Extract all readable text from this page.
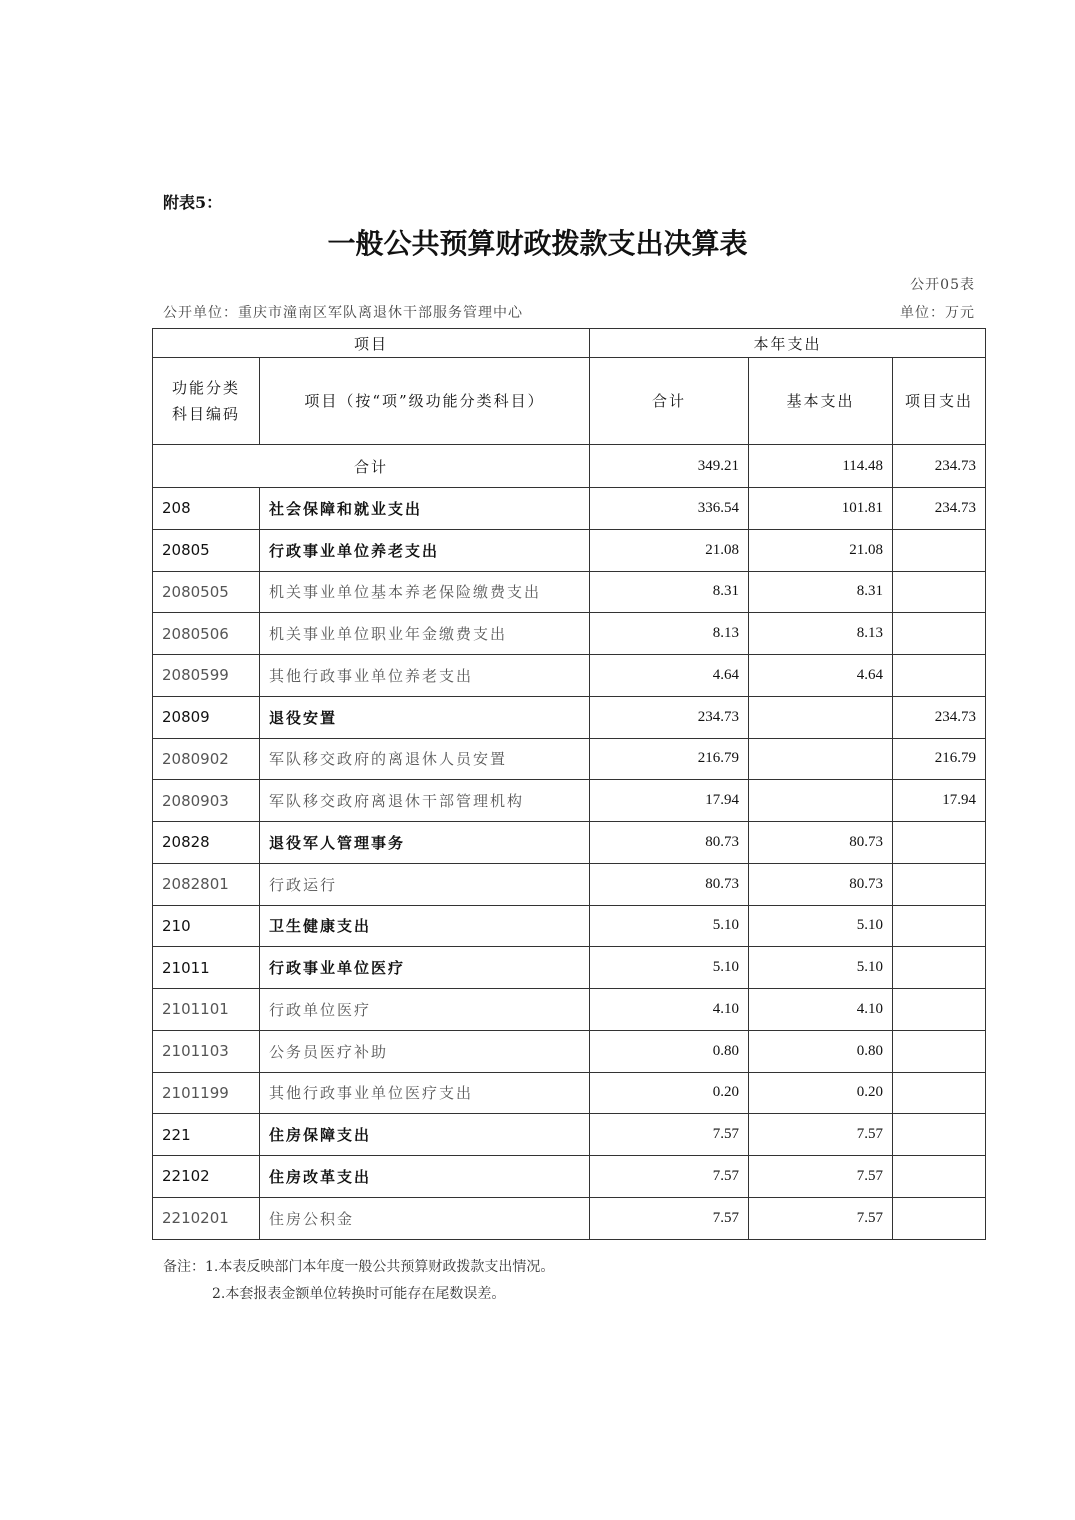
附表5：
一般公共预算财政拨款支出决算表
公开05表
公开单位：重庆市潼南区军队离退休干部服务管理中心	单位：万元
项目		本年支出		
功能分类
科目编码	项目（按“项”级功能分类科目）	合计	基本支出	项目支出
合计		349.21	114.48	234.73
208	社会保障和就业支出	336.54	101.81	234.73
20805	行政事业单位养老支出	21.08	21.08	
2080505	机关事业单位基本养老保险缴费支出	8.31	8.31	
2080506	机关事业单位职业年金缴费支出	8.13	8.13	
2080599	其他行政事业单位养老支出	4.64	4.64	
20809	退役安置	234.73		234.73
2080902	军队移交政府的离退休人员安置	216.79		216.79
2080903	军队移交政府离退休干部管理机构	17.94		17.94
20828	退役军人管理事务	80.73	80.73	
2082801	行政运行	80.73	80.73	
210	卫生健康支出	5.10	5.10	
21011	行政事业单位医疗	5.10	5.10	
2101101	行政单位医疗	4.10	4.10	
2101103	公务员医疗补助	0.80	0.80	
2101199	其他行政事业单位医疗支出	0.20	0.20	
221	住房保障支出	7.57	7.57	
22102	住房改革支出	7.57	7.57	
2210201	住房公积金	7.57	7.57	
备注：1.本表反映部门本年度一般公共预算财政拨款支出情况。
2.本套报表金额单位转换时可能存在尾数误差。
